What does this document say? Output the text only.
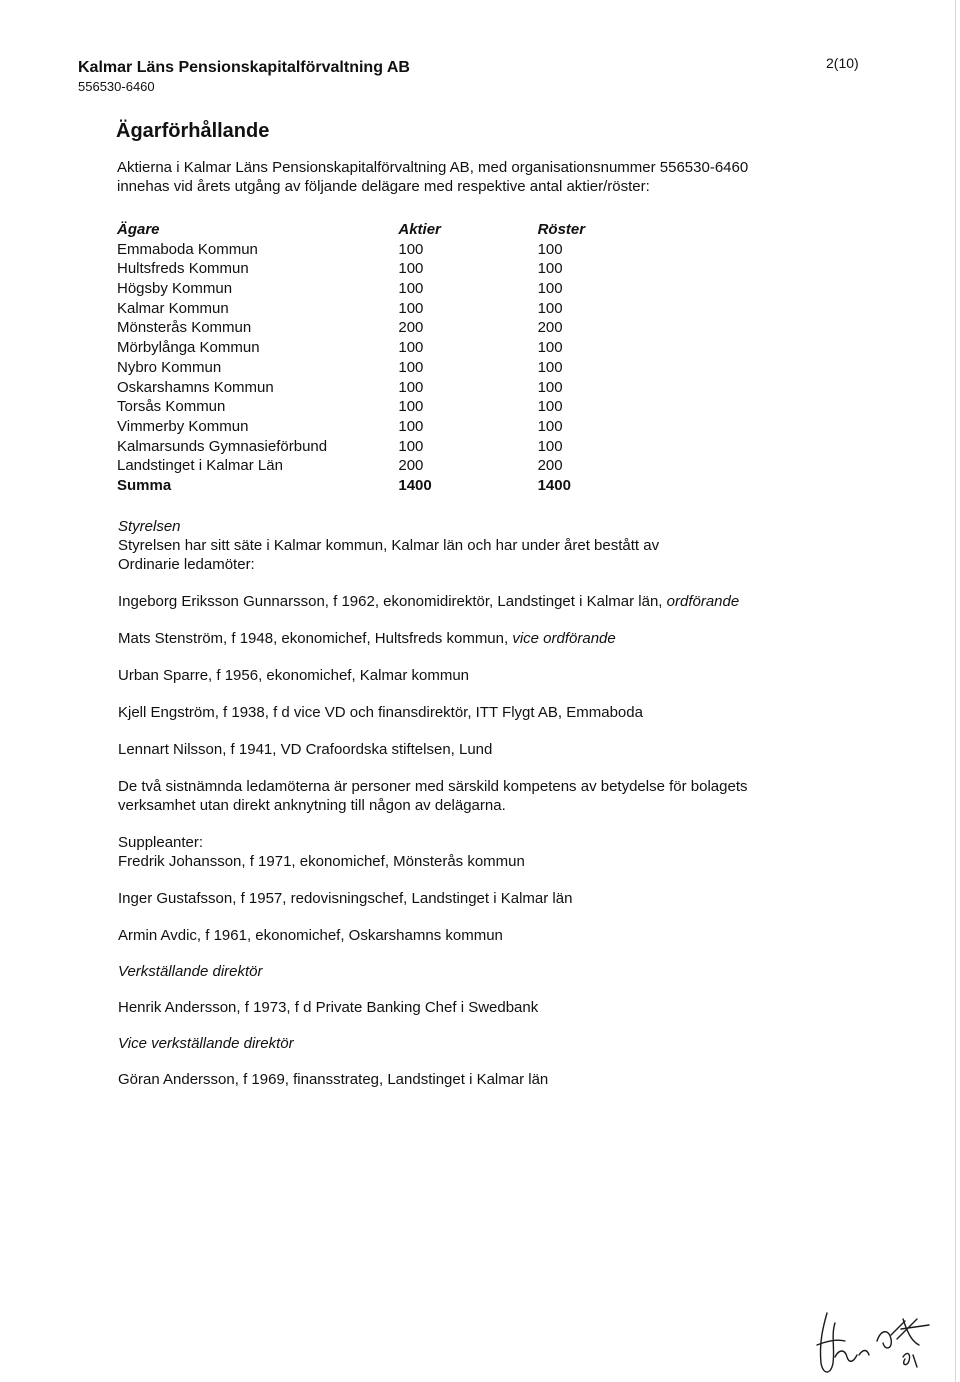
Kalmar Läns Pensionskapitalförvaltning AB
556530-6460
2(10)
Ägarförhållande
Aktierna i Kalmar Läns Pensionskapitalförvaltning AB, med organisationsnummer 556530-6460
innehas vid årets utgång av följande delägare med respektive antal aktier/röster:
Ägare	Aktier	Röster
Emmaboda Kommun	100	100
Hultsfreds Kommun	100	100
Högsby Kommun	100	100
Kalmar Kommun	100	100
Mönsterås Kommun	200	200
Mörbylånga Kommun	100	100
Nybro Kommun	100	100
Oskarshamns Kommun	100	100
Torsås Kommun	100	100
Vimmerby Kommun	100	100
Kalmarsunds Gymnasieförbund	100	100
Landstinget i Kalmar Län	200	200
Summa	1400	1400

Styrelsen

Styrelsen har sitt säte i Kalmar kommun, Kalmar län och har under året bestått av

Ordinarie ledamöter:

Ingeborg Eriksson Gunnarsson, f 1962, ekonomidirektör, Landstinget i Kalmar län, ordförande

Mats Stenström, f 1948, ekonomichef, Hultsfreds kommun, vice ordförande

Urban Sparre, f 1956, ekonomichef, Kalmar kommun

Kjell Engström, f 1938, f d vice VD och finansdirektör, ITT Flygt AB, Emmaboda

Lennart Nilsson, f 1941, VD Crafoordska stiftelsen, Lund

De två sistnämnda ledamöterna är personer med särskild kompetens av betydelse för bolagets

verksamhet utan direkt anknytning till någon av delägarna.

Suppleanter:

Fredrik Johansson, f 1971, ekonomichef, Mönsterås kommun

Inger Gustafsson, f 1957, redovisningschef, Landstinget i Kalmar län

Armin Avdic, f 1961, ekonomichef, Oskarshamns kommun

Verkställande direktör

Henrik Andersson, f 1973, f d Private Banking Chef i Swedbank

Vice verkställande direktör

Göran Andersson, f 1969, finansstrateg, Landstinget i Kalmar län
